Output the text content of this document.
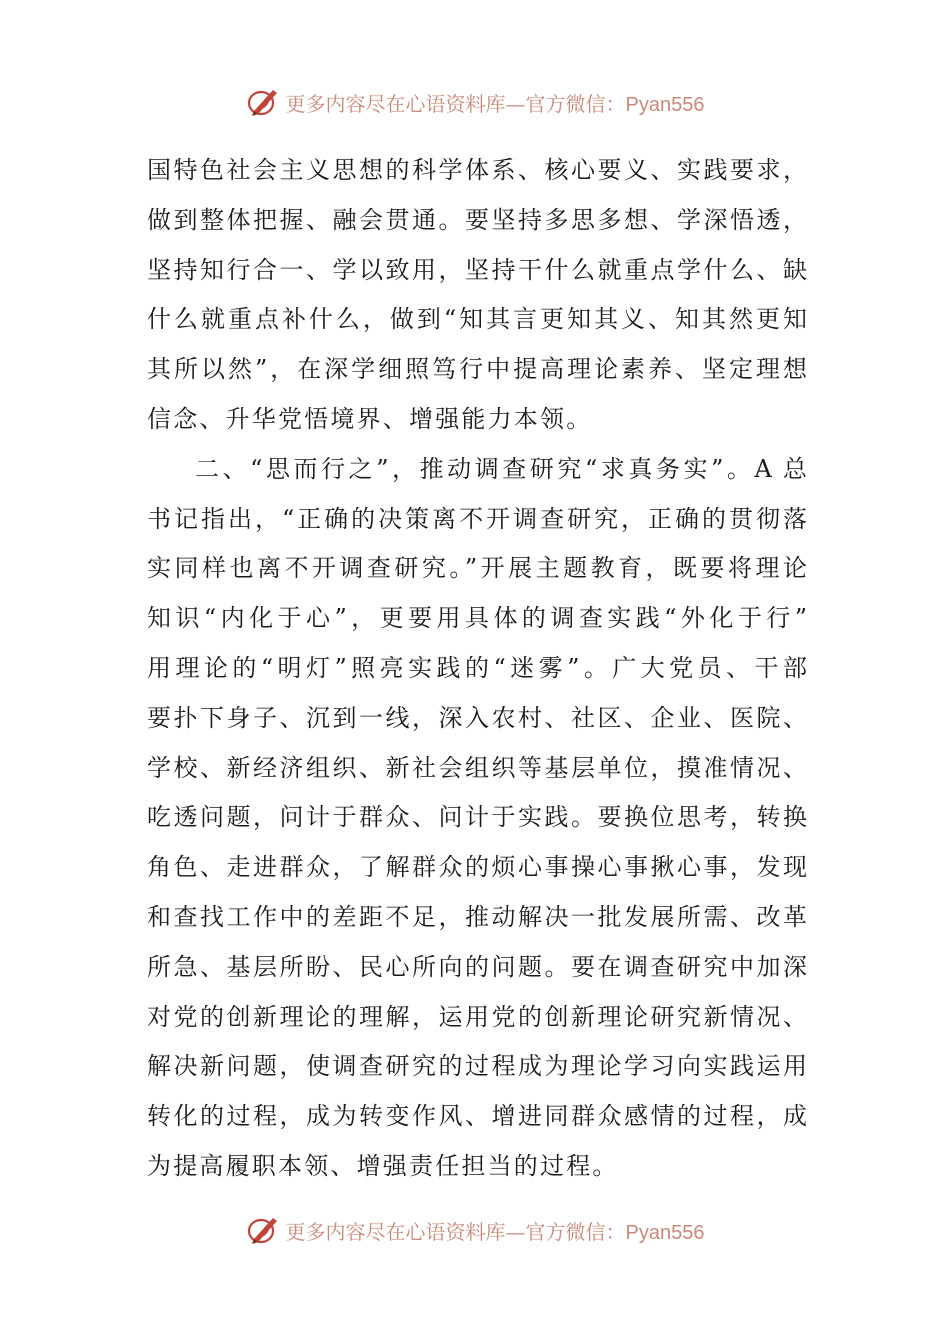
更多内容尽在心语资料库—官方微信：Pyan556
国特色社会主义思想的科学体系、核心要义、实践要求，
做到整体把握、融会贯通。要坚持多思多想、学深悟透，
坚持知行合一、学以致用，坚持干什么就重点学什么、缺
什么就重点补什么，做到“知其言更知其义、知其然更知
其所以然”，在深学细照笃行中提高理论素养、坚定理想
信念、升华党悟境界、增强能力本领。
二、“思而行之”，推动调查研究“求真务实”。A 总
书记指出，“正确的决策离不开调查研究，正确的贯彻落
实同样也离不开调查研究。”开展主题教育，既要将理论
知识“内化于心”，更要用具体的调查实践“外化于行”
用理论的“明灯”照亮实践的“迷雾”。广大党员、干部
要扑下身子、沉到一线，深入农村、社区、企业、医院、
学校、新经济组织、新社会组织等基层单位，摸准情况、
吃透问题，问计于群众、问计于实践。要换位思考，转换
角色、走进群众，了解群众的烦心事操心事揪心事，发现
和查找工作中的差距不足，推动解决一批发展所需、改革
所急、基层所盼、民心所向的问题。要在调查研究中加深
对党的创新理论的理解，运用党的创新理论研究新情况、
解决新问题，使调查研究的过程成为理论学习向实践运用
转化的过程，成为转变作风、增进同群众感情的过程，成
为提高履职本领、增强责任担当的过程。
更多内容尽在心语资料库—官方微信：Pyan556
